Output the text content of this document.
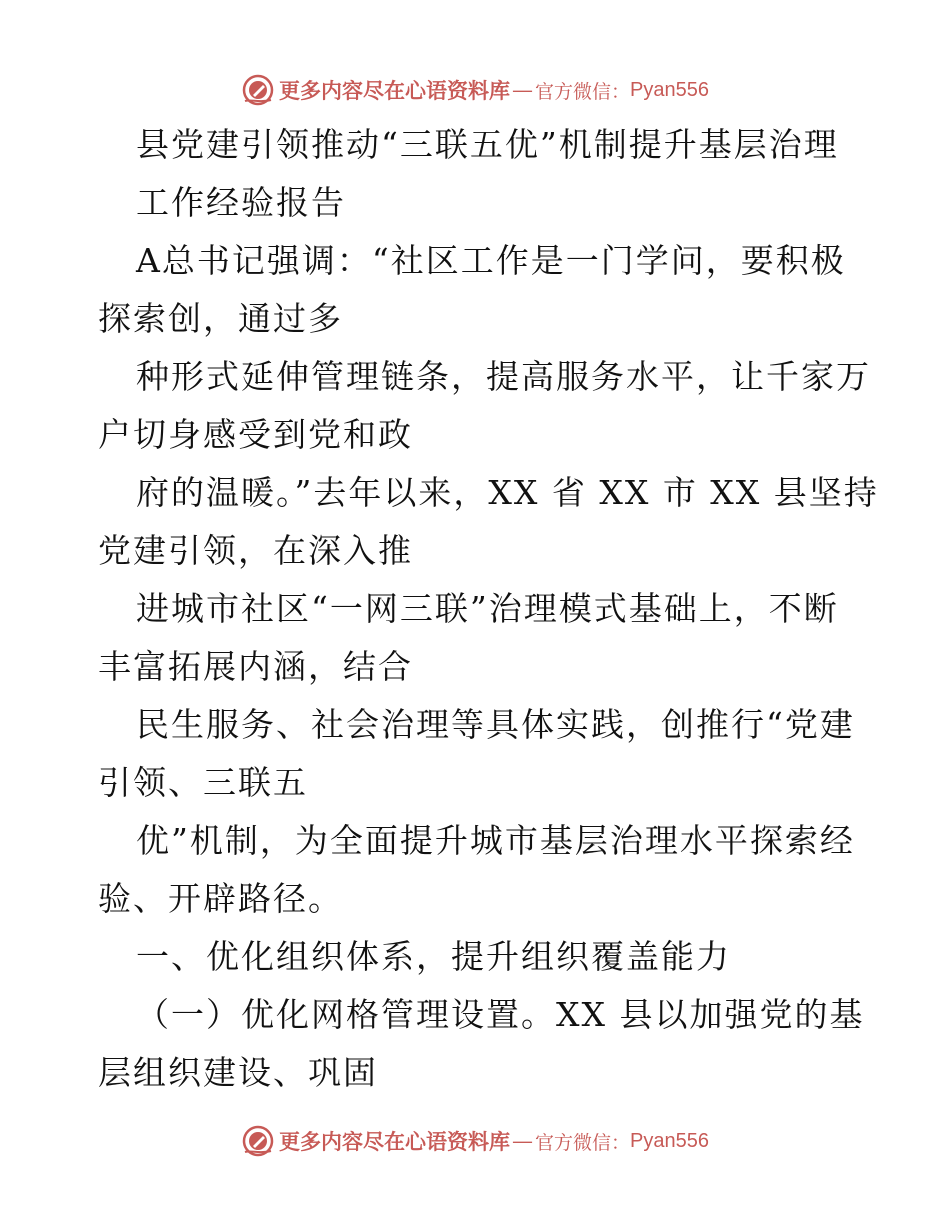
更多内容尽在心语资料库 — 官方微信： Pyan556
县党建引领推动“三联五优”机制提升基层治理
工作经验报告
A总书记强调：“社区工作是一门学问，要积极
探索创，通过多
种形式延伸管理链条，提高服务水平，让千家万
户切身感受到党和政
府的温暖。”去年以来，XX 省 XX 市 XX 县坚持
党建引领，在深入推
进城市社区“一网三联”治理模式基础上，不断
丰富拓展内涵，结合
民生服务、社会治理等具体实践，创推行“党建
引领、三联五
优”机制，为全面提升城市基层治理水平探索经
验、开辟路径。
一、优化组织体系，提升组织覆盖能力
（一）优化网格管理设置。XX 县以加强党的基
层组织建设、巩固
更多内容尽在心语资料库 — 官方微信： Pyan556
